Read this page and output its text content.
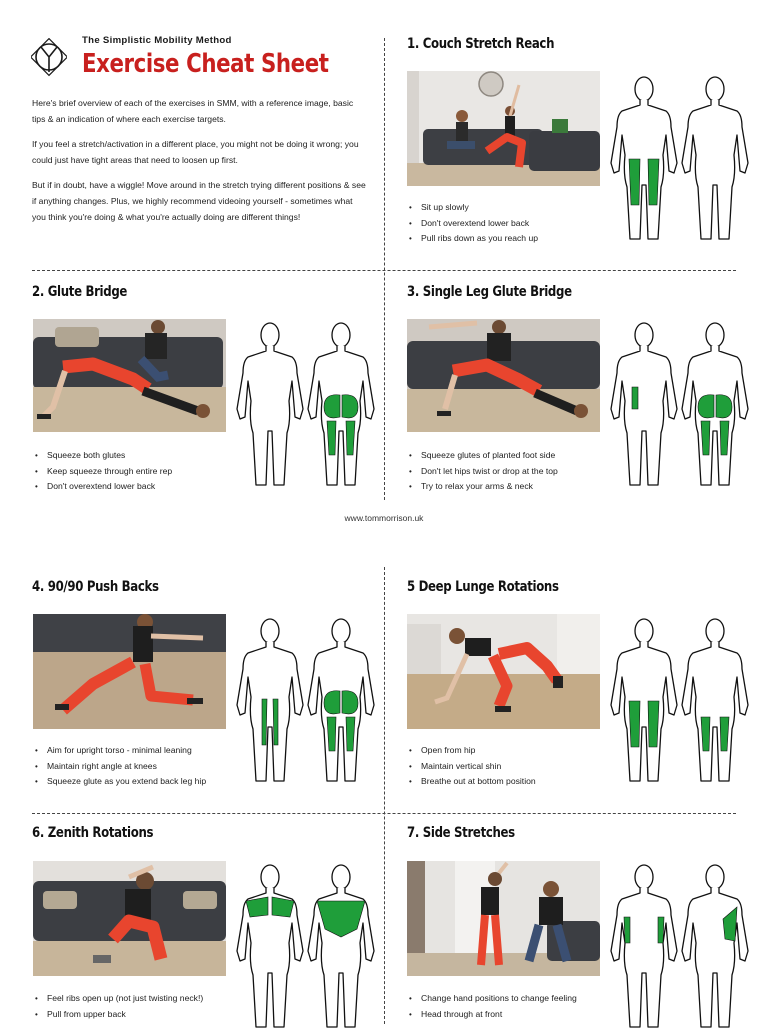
The Simplistic Mobility Method
Exercise Cheat Sheet

Here's brief overview of each of the exercises in SMM, with a reference image, basic tips & an indication of where each exercise targets.

If you feel a stretch/activation in a different place, you might not be doing it wrong; you could just have tight areas that need to loosen up first.

But if in doubt, have a wiggle! Move around in the stretch trying different positions & see if anything changes. Plus, we highly recommend videoing yourself - sometimes what you think you're doing & what you're actually doing are different things!

1. Couch Stretch Reach
• Sit up slowly
• Don't overextend lower back
• Pull ribs down as you reach up
2. Glute Bridge
• Squeeze both glutes
• Keep squeeze through entire rep
• Don't overextend lower back
3. Single Leg Glute Bridge
• Squeeze glutes of planted foot side
• Don't let hips twist or drop at the top
• Try to relax your arms & neck
www.tommorrison.uk
4. 90/90 Push Backs
• Aim for upright torso - minimal leaning
• Maintain right angle at knees
• Squeeze glute as you extend back leg hip
5 Deep Lunge Rotations
• Open from hip
• Maintain vertical shin
• Breathe out at bottom position
6. Zenith Rotations
• Feel ribs open up (not just twisting neck!)
• Pull from upper back
7. Side Stretches
• Change hand positions to change feeling
• Head through at front
